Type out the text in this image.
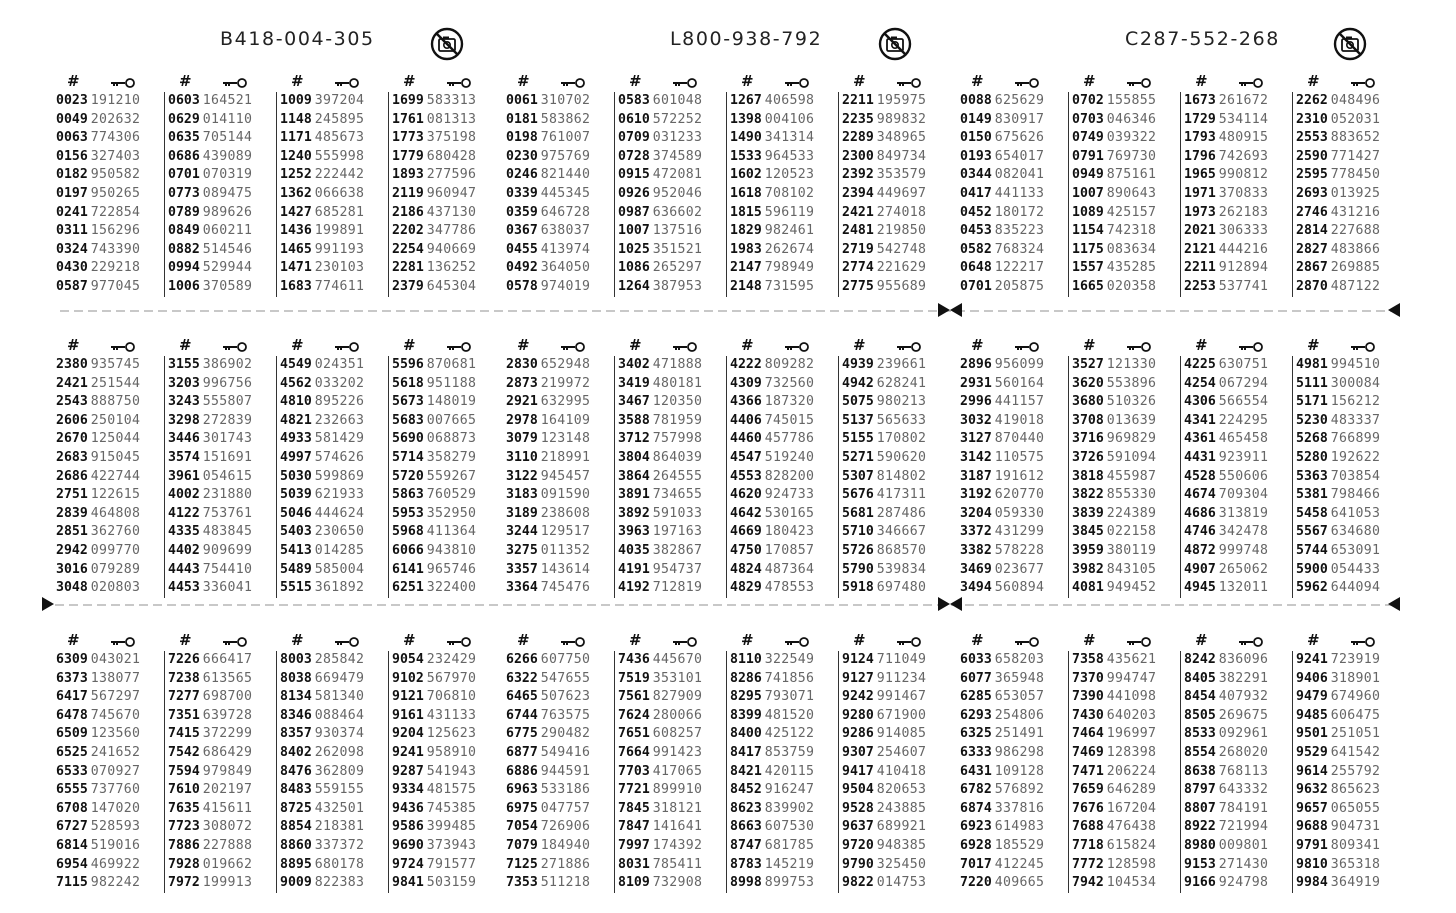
B418-004-305	L800-938-792	C287-552-268
#
0023 191210
0049 202632
0063 774306
0156 327403
0182 950582
0197 950265
0241 722854
0311 156296
0324 743390
0430 229218
0587 977045
#
0603 164521
0629 014110
0635 705144
0686 439089
0701 070319
0773 089475
0789 989626
0849 060211
0882 514546
0994 529944
1006 370589
#
1009 397204
1148 245895
1171 485673
1240 555998
1252 222442
1362 066638
1427 685281
1436 199891
1465 991193
1471 230103
1683 774611
#
1699 583313
1761 081313
1773 375198
1779 680428
1893 277596
2119 960947
2186 437130
2202 347786
2254 940669
2281 136252
2379 645304
#
0061 310702
0181 583862
0198 761007
0230 975769
0246 821440
0339 445345
0359 646728
0367 638037
0455 413974
0492 364050
0578 974019
#
0583 601048
0610 572252
0709 031233
0728 374589
0915 472081
0926 952046
0987 636602
1007 137516
1025 351521
1086 265297
1264 387953
#
1267 406598
1398 004106
1490 341314
1533 964533
1602 120523
1618 708102
1815 596119
1829 982461
1983 262674
2147 798949
2148 731595
#
2211 195975
2235 989832
2289 348965
2300 849734
2392 353579
2394 449697
2421 274018
2481 219850
2719 542748
2774 221629
2775 955689
#
0088 625629
0149 830917
0150 675626
0193 654017
0344 082041
0417 441133
0452 180172
0453 835223
0582 768324
0648 122217
0701 205875
#
0702 155855
0703 046346
0749 039322
0791 769730
0949 875161
1007 890643
1089 425157
1154 742318
1175 083634
1557 435285
1665 020358
#
1673 261672
1729 534114
1793 480915
1796 742693
1965 990812
1971 370833
1973 262183
2021 306333
2121 444216
2211 912894
2253 537741
#
2262 048496
2310 052031
2553 883652
2590 771427
2595 778450
2693 013925
2746 431216
2814 227688
2827 483866
2867 269885
2870 487122
#
2380 935745
2421 251544
2543 888750
2606 250104
2670 125044
2683 915045
2686 422744
2751 122615
2839 464808
2851 362760
2942 099770
3016 079289
3048 020803
#
3155 386902
3203 996756
3243 555807
3298 272839
3446 301743
3574 151691
3961 054615
4002 231880
4122 753761
4335 483845
4402 909699
4443 754410
4453 336041
#
4549 024351
4562 033202
4810 895226
4821 232663
4933 581429
4997 574626
5030 599869
5039 621933
5046 444624
5403 230650
5413 014285
5489 585004
5515 361892
#
5596 870681
5618 951188
5673 148019
5683 007665
5690 068873
5714 358279
5720 559267
5863 760529
5953 352950
5968 411364
6066 943810
6141 965746
6251 322400
#
2830 652948
2873 219972
2921 632995
2978 164109
3079 123148
3110 218991
3122 945457
3183 091590
3189 238608
3244 129517
3275 011352
3357 143614
3364 745476
#
3402 471888
3419 480181
3467 120350
3588 781959
3712 757998
3804 864039
3864 264555
3891 734655
3892 591033
3963 197163
4035 382867
4191 954737
4192 712819
#
4222 809282
4309 732560
4366 187320
4406 745015
4460 457786
4547 519240
4553 828200
4620 924733
4642 530165
4669 180423
4750 170857
4824 487364
4829 478553
#
4939 239661
4942 628241
5075 980213
5137 565633
5155 170802
5271 590620
5307 814802
5676 417311
5681 287486
5710 346667
5726 868570
5790 539834
5918 697480
#
2896 956099
2931 560164
2996 441157
3032 419018
3127 870440
3142 110575
3187 191612
3192 620770
3204 059330
3372 431299
3382 578228
3469 023677
3494 560894
#
3527 121330
3620 553896
3680 510326
3708 013639
3716 969829
3726 591094
3818 455987
3822 855330
3839 224389
3845 022158
3959 380119
3982 843105
4081 949452
#
4225 630751
4254 067294
4306 566554
4341 224295
4361 465458
4431 923911
4528 550606
4674 709304
4686 313819
4746 342478
4872 999748
4907 265062
4945 132011
#
4981 994510
5111 300084
5171 156212
5230 483337
5268 766899
5280 192622
5363 703854
5381 798466
5458 641053
5567 634680
5744 653091
5900 054433
5962 644094
#
6309 043021
6373 138077
6417 567297
6478 745670
6509 123560
6525 241652
6533 070927
6555 737760
6708 147020
6727 528593
6814 519016
6954 469922
7115 982242
#
7226 666417
7238 613565
7277 698700
7351 639728
7415 372299
7542 686429
7594 979849
7610 202197
7635 415611
7723 308072
7886 227888
7928 019662
7972 199913
#
8003 285842
8038 669479
8134 581340
8346 088464
8357 930374
8402 262098
8476 362809
8483 559155
8725 432501
8854 218381
8860 337372
8895 680178
9009 822383
#
9054 232429
9102 567970
9121 706810
9161 431133
9204 125623
9241 958910
9287 541943
9334 481575
9436 745385
9586 399485
9690 373943
9724 791577
9841 503159
#
6266 607750
6322 547655
6465 507623
6744 763575
6775 290482
6877 549416
6886 944591
6963 533186
6975 047757
7054 726906
7079 184940
7125 271886
7353 511218
#
7436 445670
7519 353101
7561 827909
7624 280066
7651 608257
7664 991423
7703 417065
7721 899910
7845 318121
7847 141641
7997 174392
8031 785411
8109 732908
#
8110 322549
8286 741856
8295 793071
8399 481520
8400 425122
8417 853759
8421 420115
8452 916247
8623 839902
8663 607530
8747 681785
8783 145219
8998 899753
#
9124 711049
9127 911234
9242 991467
9280 671900
9286 914085
9307 254607
9417 410418
9504 820653
9528 243885
9637 689921
9720 948385
9790 325450
9822 014753
#
6033 658203
6077 365948
6285 653057
6293 254806
6325 251491
6333 986298
6431 109128
6782 576892
6874 337816
6923 614983
6928 185529
7017 412245
7220 409665
#
7358 435621
7370 994747
7390 441098
7430 640203
7464 196997
7469 128398
7471 206224
7659 646289
7676 167204
7688 476438
7718 615824
7772 128598
7942 104534
#
8242 836096
8405 382291
8454 407932
8505 269675
8533 092961
8554 268020
8638 768113
8797 643332
8807 784191
8922 721994
8980 009801
9153 271430
9166 924798
#
9241 723919
9406 318901
9479 674960
9485 606475
9501 251051
9529 641542
9614 255792
9632 865623
9657 065055
9688 904731
9791 809341
9810 365318
9984 364919
